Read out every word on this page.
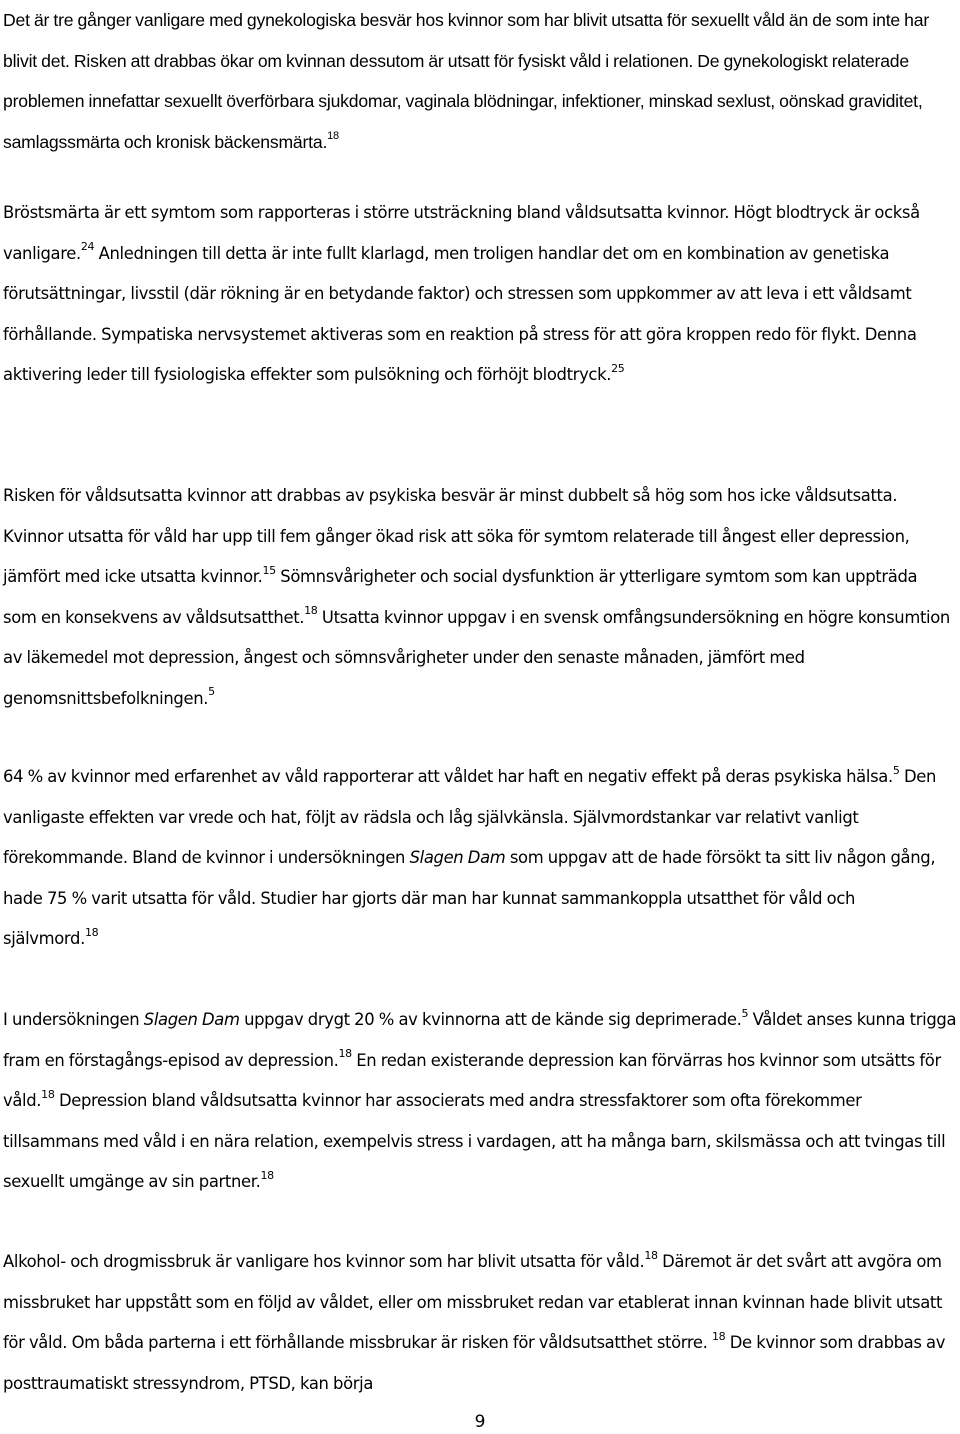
Det är tre gånger vanligare med gynekologiska besvär hos kvinnor som har blivit utsatta för sexuellt våld än de som inte har blivit det. Risken att drabbas ökar om kvinnan dessutom är utsatt för fysiskt våld i relationen. De gynekologiskt relaterade problemen innefattar sexuellt överförbara sjukdomar, vaginala blödningar, infektioner, minskad sexlust, oönskad graviditet, samlagssmärta och kronisk bäckensmärta.$^{18}$

Bröstsmärta är ett symtom som rapporteras i större utsträckning bland våldsutsatta kvinnor. Högt blodtryck är också vanligare.$^{24}$ Anledningen till detta är inte fullt klarlagd, men troligen handlar det om en kombination av genetiska förutsättningar, livsstil (där rökning är en betydande faktor) och stressen som uppkommer av att leva i ett våldsamt förhållande. Sympatiska nervsystemet aktiveras som en reaktion på stress för att göra kroppen redo för flykt. Denna aktivering leder till fysiologiska effekter som pulsökning och förhöjt blodtryck.$^{25}$

Risken för våldsutsatta kvinnor att drabbas av psykiska besvär är minst dubbelt så hög som hos icke våldsutsatta. Kvinnor utsatta för våld har upp till fem gånger ökad risk att söka för symtom relaterade till ångest eller depression, jämfört med icke utsatta kvinnor.$^{15}$ Sömnsvårigheter och social dysfunktion är ytterligare symtom som kan uppträda som en konsekvens av våldsutsatthet.$^{18}$ Utsatta kvinnor uppgav i en svensk omfångsundersökning en högre konsumtion av läkemedel mot depression, ångest och sömnsvårigheter under den senaste månaden, jämfört med genomsnittsbefolkningen.$^5$

64 % av kvinnor med erfarenhet av våld rapporterar att våldet har haft en negativ effekt på deras psykiska hälsa.$^5$ Den vanligaste effekten var vrede och hat, följt av rädsla och låg självkänsla. Självmordstankar var relativt vanligt förekommande. Bland de kvinnor i undersökningen Slagen Dam som uppgav att de hade försökt ta sitt liv någon gång, hade 75 % varit utsatta för våld. Studier har gjorts där man har kunnat sammankoppla utsatthet för våld och självmord.$^{18}$

I undersökningen Slagen Dam uppgav drygt 20 % av kvinnorna att de kände sig deprimerade.$^5$ Våldet anses kunna trigga fram en förstagångs-episod av depression.$^{18}$ En redan existerande depression kan förvärras hos kvinnor som utsätts för våld.$^{18}$ Depression bland våldsutsatta kvinnor har associerats med andra stressfaktorer som ofta förekommer tillsammans med våld i en nära relation, exempelvis stress i vardagen, att ha många barn, skilsmässa och att tvingas till sexuellt umgänge av sin partner.$^{18}$

Alkohol- och drogmissbruk är vanligare hos kvinnor som har blivit utsatta för våld.$^{18}$ Däremot är det svårt att avgöra om missbruket har uppstått som en följd av våldet, eller om missbruket redan var etablerat innan kvinnan hade blivit utsatt för våld. Om båda parterna i ett förhållande missbrukar är risken för våldsutsatthet större. $^{18}$ De kvinnor som drabbas av posttraumatiskt stressyndrom, PTSD, kan börja

9
